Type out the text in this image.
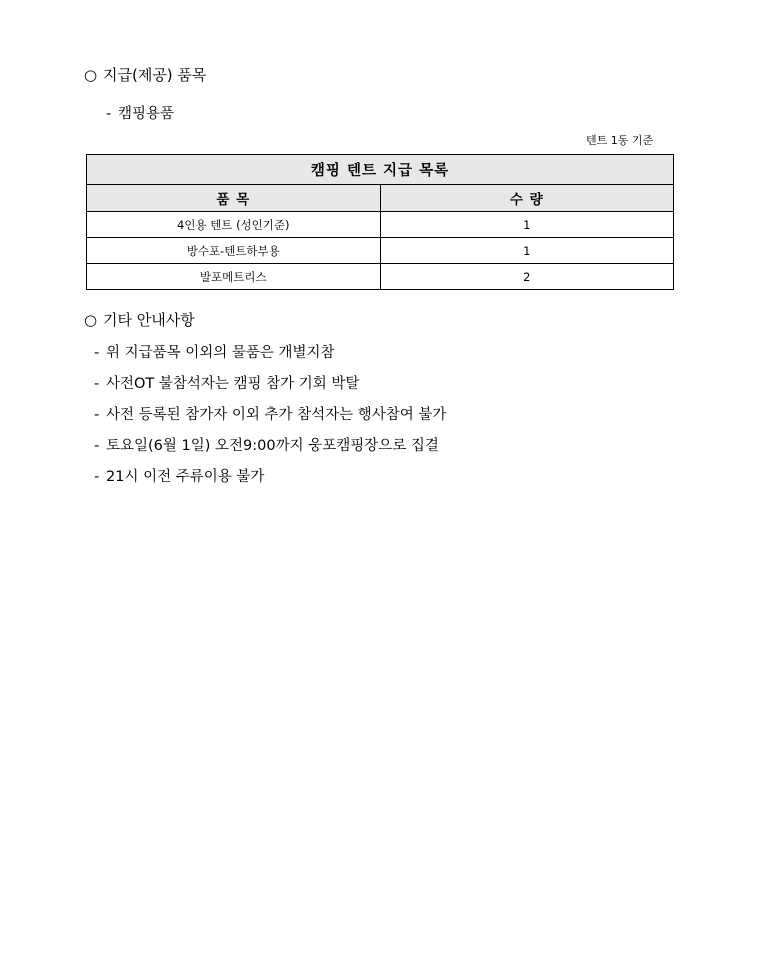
○ 지급(제공) 품목
- 캠핑용품
텐트 1동 기준
캠핑 텐트 지급 목록	
품 목	수 량
4인용 텐트 (성인기준)	1
방수포-텐트하부용	1
발포메트리스	2
○ 기타 안내사항
- 위 지급품목 이외의 물품은 개별지참
- 사전OT 불참석자는 캠핑 참가 기회 박탈
- 사전 등록된 참가자 이외 추가 참석자는 행사참여 불가
- 토요일(6월 1일) 오전9:00까지 웅포캠핑장으로 집결
- 21시 이전 주류이용 불가
